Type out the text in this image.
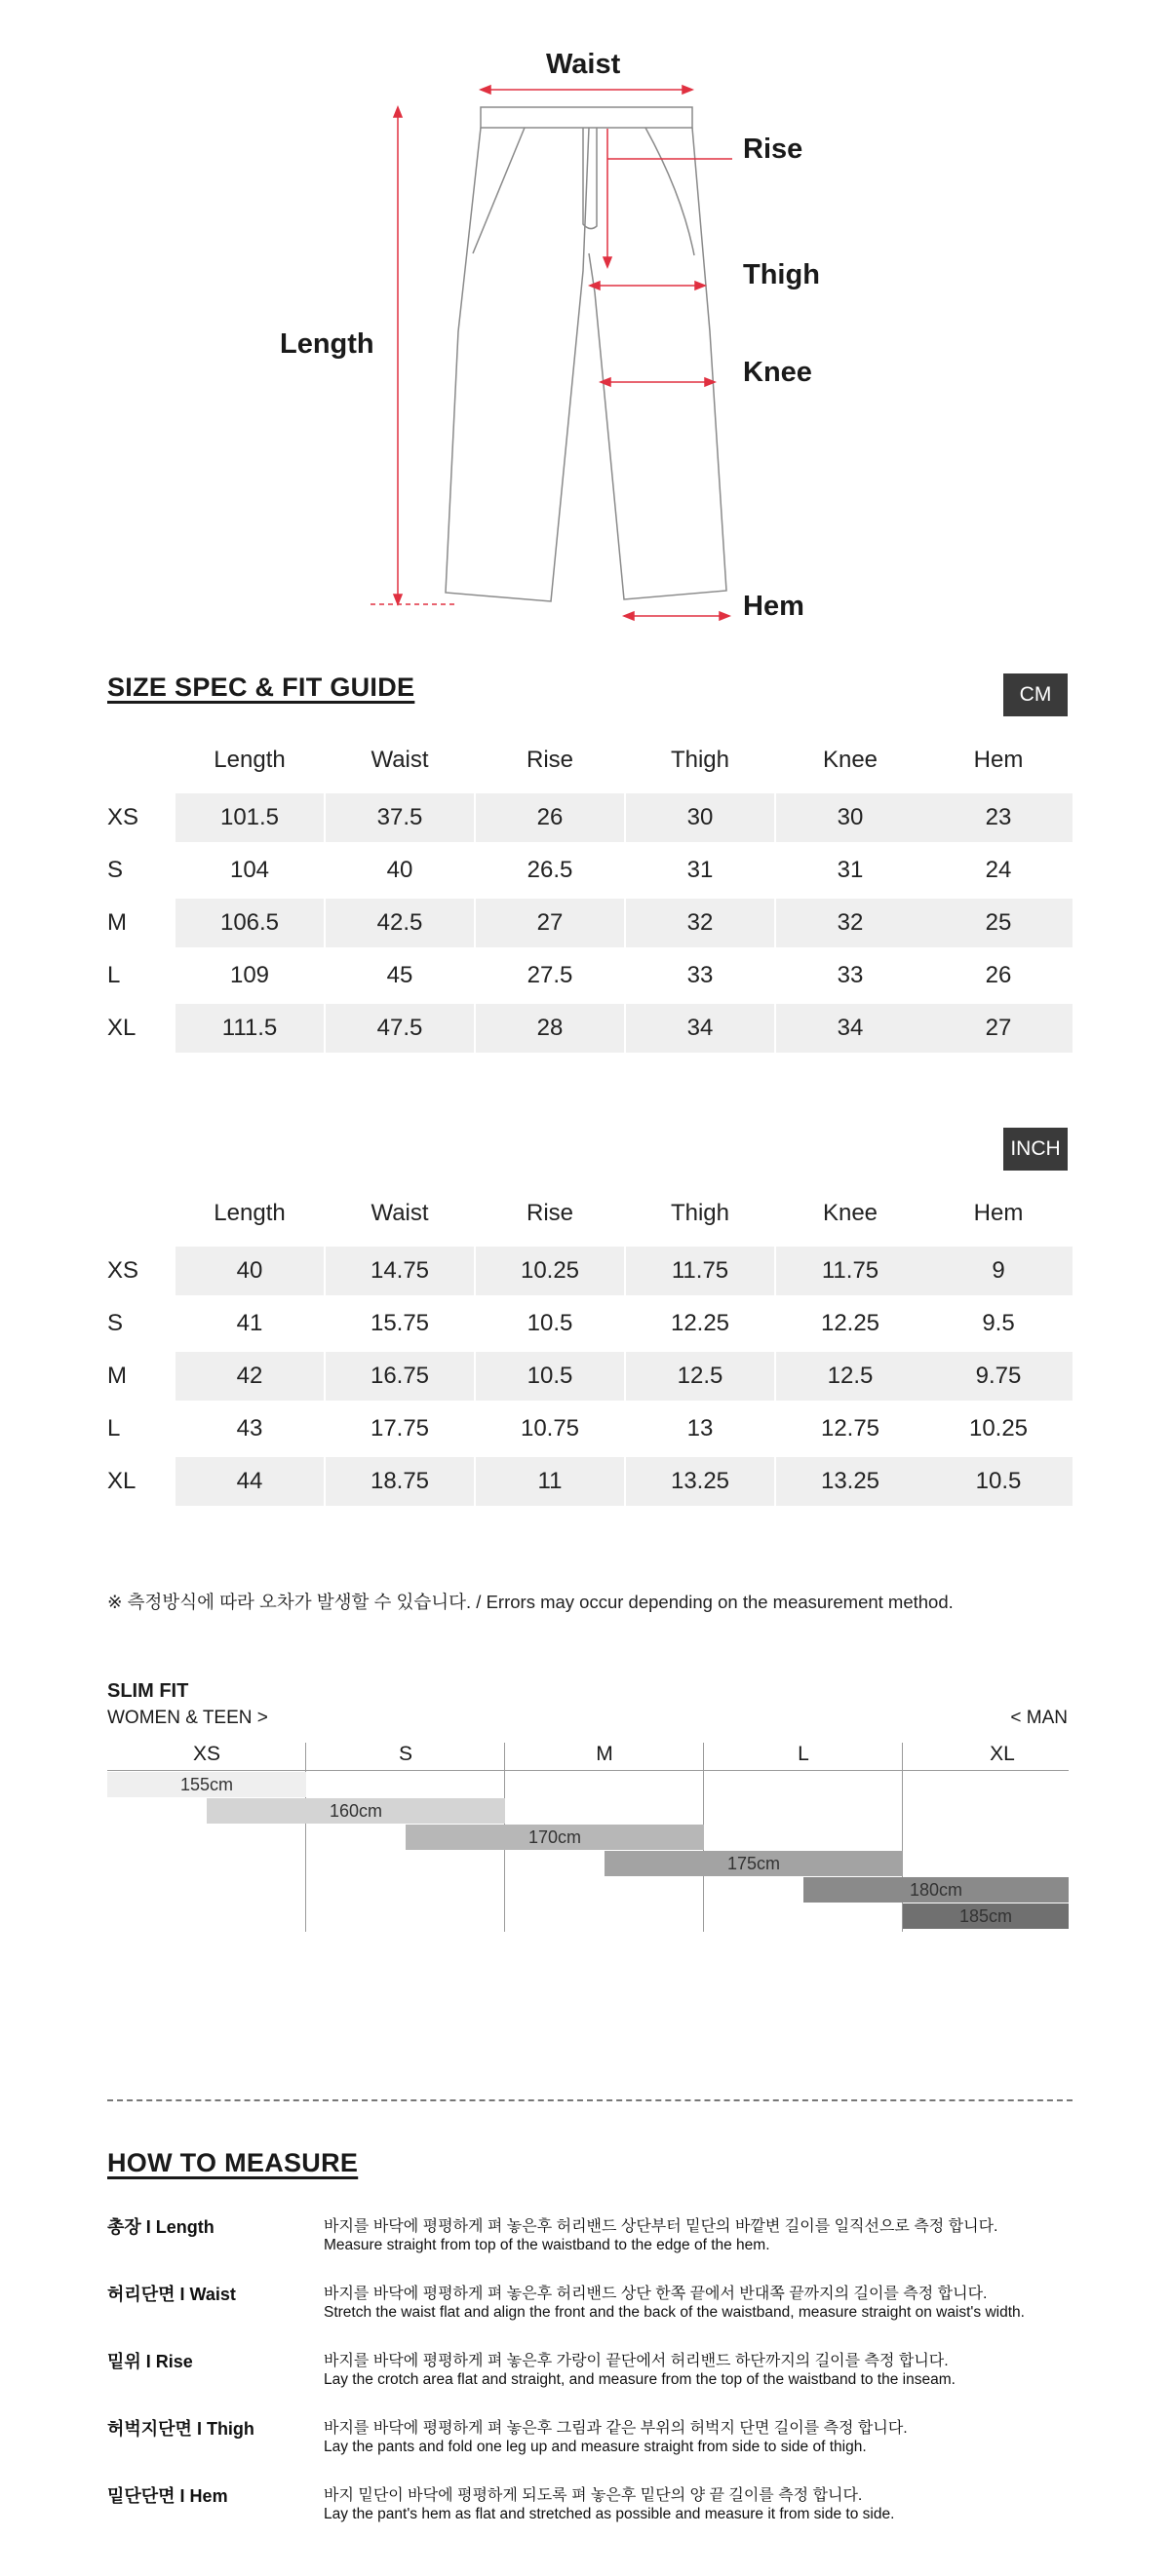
Waist
Rise
Thigh
Knee
Length
Hem
SIZE SPEC & FIT GUIDE	CM
Length	Waist	Rise	Thigh	Knee	Hem
XS	101.5	37.5	26	30	30	23
S	104	40	26.5	31	31	24
M	106.5	42.5	27	32	32	25
L	109	45	27.5	33	33	26
XL	111.5	47.5	28	34	34	27
INCH
Length	Waist	Rise	Thigh	Knee	Hem
XS	40	14.75	10.25	11.75	11.75	9
S	41	15.75	10.5	12.25	12.25	9.5
M	42	16.75	10.5	12.5	12.5	9.75
L	43	17.75	10.75	13	12.75	10.25
XL	44	18.75	11	13.25	13.25	10.5
※ 측정방식에 따라 오차가 발생할 수 있습니다. / Errors may occur depending on the measurement method.
SLIM FIT
WOMEN & TEEN >	< MAN
XS	S	M	L	XL
155cm
160cm
170cm
175cm
180cm
185cm
HOW TO MEASURE
총장 I Length	바지를 바닥에 평평하게 펴 놓은후 허리밴드 상단부터 밑단의 바깥변 길이를 일직선으로 측정 합니다.
Measure straight from top of the waistband to the edge of the hem.
허리단면 I Waist	바지를 바닥에 평평하게 펴 놓은후 허리밴드 상단 한쪽 끝에서 반대쪽 끝까지의 길이를 측정 합니다.
Stretch the waist flat and align the front and the back of the waistband, measure straight on waist's width.
밑위 I Rise	바지를 바닥에 평평하게 펴 놓은후 가랑이 끝단에서 허리밴드 하단까지의 길이를 측정 합니다.
Lay the crotch area flat and straight, and measure from the top of the waistband to the inseam.
허벅지단면 I Thigh	바지를 바닥에 평평하게 펴 놓은후 그림과 같은 부위의 허벅지 단면 길이를 측정 합니다.
Lay the pants and fold one leg up and measure straight from side to side of thigh.
밑단단면 I Hem	바지 밑단이 바닥에 평평하게 되도록 펴 놓은후 밑단의 양 끝 길이를 측정 합니다.
Lay the pant's hem as flat and stretched as possible and measure it from side to side.
